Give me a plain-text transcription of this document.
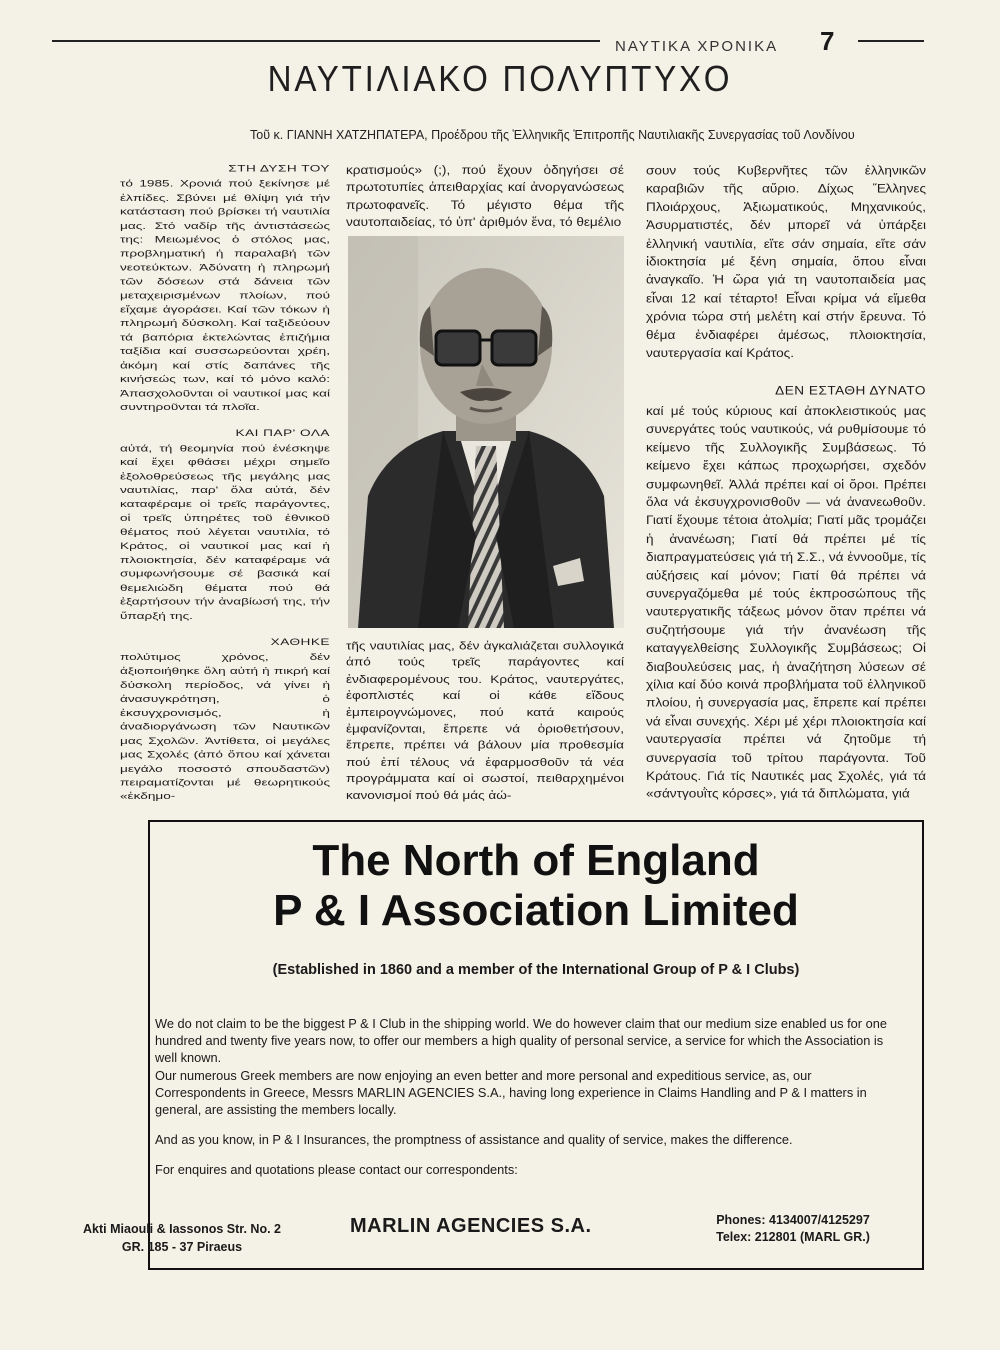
ΝΑΥΤΙΚΑ ΧΡΟΝΙΚΑ 7
ΝΑΥΤΙΛΙΑΚΟ ΠΟΛΥΠΤΥΧΟ
Τοῦ κ. ΓΙΑΝΝΗ ΧΑΤΖΗΠΑΤΕΡΑ, Προέδρου τῆς Ἑλληνικῆς Ἐπιτροπῆς Ναυτιλιακῆς Συνεργασίας τοῦ Λονδίνου
ΣΤΗ ΔΥΣΗ ΤΟΥ

τό 1985. Χρονιά πού ξεκίνησε μέ ἐλπίδες. Σβύνει μέ θλίψη γιά τήν κατάσταση πού βρίσκει τή ναυτιλία μας. Στό ναδίρ τῆς ἀντιστάσεώς της: Μειωμένος ὁ στόλος μας, προβληματική ἡ παραλαβή τῶν νεοτεύκτων. Ἀδύνατη ἡ πληρωμή τῶν δόσεων στά δάνεια τῶν μεταχειρισμένων πλοίων, πού εἴχαμε ἀγοράσει. Καί τῶν τόκων ἡ πληρωμή δύσκολη. Καί ταξιδεύουν τά βαπόρια ἐκτελώντας ἐπιζήμια ταξίδια καί συσσωρεύονται χρέη, ἀκόμη καί στίς δαπάνες τῆς κινήσεώς των, καί τό μόνο καλό: Ἀπασχολοῦνται οἱ ναυτικοί μας καί συντηροῦνται τά πλοῖα.

ΚΑΙ ΠΑΡ' ΟΛΑ

αὐτά, τή θεομηνία πού ἐνέσκηψε καί ἔχει φθάσει μέχρι σημεῖο ἐξολοθρεύσεως τῆς μεγάλης μας ναυτιλίας, παρ' ὅλα αὐτά, δέν καταφέραμε οἱ τρεῖς παράγοντες, οἱ τρεῖς ὑπηρέτες τοῦ ἐθνικοῦ θέματος πού λέγεται ναυτιλία, τό Κράτος, οἱ ναυτικοί μας καί ἡ πλοιοκτησία, δέν καταφέραμε νά συμφωνήσουμε σέ βασικά καί θεμελιώδη θέματα πού θά ἐξαρτήσουν τήν ἀναβίωσή της, τήν ὕπαρξή της.

ΧΑΘΗΚΕ

πολύτιμος χρόνος, δέν ἀξιοποιήθηκε ὅλη αὐτή ἡ πικρή καί δύσκολη περίοδος, νά γίνει ἡ ἀνασυγκρότηση, ὁ ἐκσυγχρονισμός, ἡ ἀναδιοργάνωση τῶν Ναυτικῶν μας Σχολῶν. Ἀντίθετα, οἱ μεγάλες μας Σχολές (ἀπό ὅπου καί χάνεται μεγάλο ποσοστό σπουδαστῶν) πειραματίζονται μέ θεωρητικούς «ἐκδημο-

κρατισμούς» (;), πού ἔχουν ὁδηγήσει σέ πρωτοτυπίες ἀπειθαρχίας καί ἀνοργανώσεως πρωτοφανεῖς. Τό μέγιστο θέμα τῆς ναυτοπαιδείας, τό ὑπ' ἀριθμόν ἕνα, τό θεμέλιο

τῆς ναυτιλίας μας, δέν ἀγκαλιάζεται συλλογικά ἀπό τούς τρεῖς παράγοντες καί ἐνδιαφερομένους του. Κράτος, ναυτεργάτες, ἐφοπλιστές καί οἱ κάθε εἴδους ἐμπειρογνώμονες, πού κατά καιρούς ἐμφανίζονται, ἔπρεπε νά ὁριοθετήσουν, ἔπρεπε, πρέπει νά βάλουν μία προθεσμία πού ἐπί τέλους νά ἐφαρμοσθοῦν τά νέα προγράμματα καί οἱ σωστοί, πειθαρχημένοι κανονισμοί πού θά μάς ἀώ-

σουν τούς Κυβερνῆτες τῶν ἑλληνικῶν καραβιῶν τῆς αὔριο. Δίχως Ἕλληνες Πλοιάρχους, Ἀξιωματικούς, Μηχανικούς, Ἀσυρματιστές, δέν μπορεῖ νά ὑπάρξει ἑλληνική ναυτιλία, εἴτε σάν σημαία, εἴτε σάν ἰδιοκτησία μέ ξένη σημαία, ὅπου εἶναι ἀναγκαῖο. Ἡ ὥρα γιά τη ναυτοπαιδεία μας εἶναι 12 καί τέταρτο! Εἶναι κρίμα νά εἴμεθα χρόνια τώρα στή μελέτη καί στήν ἔρευνα. Τό θέμα ἐνδιαφέρει ἀμέσως, πλοιοκτησία, ναυτεργασία καί Κράτος.

ΔΕΝ ΕΣΤΑΘΗ ΔΥΝΑΤΟ

καί μέ τούς κύριους καί ἀποκλειστικούς μας συνεργάτες τούς ναυτικούς, νά ρυθμίσουμε τό κείμενο τῆς Συλλογικῆς Συμβάσεως. Τό κείμενο ἔχει κάπως προχωρήσει, σχεδόν συμφωνηθεῖ. Ἀλλά πρέπει καί οἱ ὅροι. Πρέπει ὅλα νά ἐκσυγχρονισθοῦν — νά ἀνανεωθοῦν. Γιατί ἔχουμε τέτοια ἀτολμία; Γιατί μᾶς τρομάζει ἡ ἀνανέωση; Γιατί θά πρέπει μέ τίς διαπραγματεύσεις γιά τή Σ.Σ., νά ἐννοοῦμε, τίς αὐξήσεις καί μόνον; Γιατί θά πρέπει νά συνεργαζόμεθα μέ τούς ἐκπροσώπους τῆς ναυτεργατικῆς τάξεως μόνον ὅταν πρέπει νά συζητήσουμε γιά τήν ἀνανέωση τῆς καταγγελθείσης Συλλογικῆς Συμβάσεως; Οἱ διαβουλεύσεις μας, ἡ ἀναζήτηση λύσεων σέ χίλια καί δύο κοινά προβλήματα τοῦ ἑλληνικοῦ πλοίου, ἡ συνεργασία μας, ἔπρεπε καί πρέπει νά εἶναι συνεχής. Χέρι μέ χέρι πλοιοκτησία καί ναυτεργασία πρέπει νά ζητοῦμε τή συνεργασία τοῦ τρίτου παράγοντα. Τοῦ Κράτους. Γιά τίς Ναυτικές μας Σχολές, γιά τά «σάντγουῒτς κόρσες», γιά τά διπλώματα, γιά

The North of England
P & I Association Limited
(Established in 1860 and a member of the International Group of P & I Clubs)

We do not claim to be the biggest P & I Club in the shipping world. We do however claim that our medium size enabled us for one hundred and twenty five years now, to offer our members a high quality of personal service, a service for which the Association is well known.

Our numerous Greek members are now enjoying an even better and more personal and expeditious service, as, our Correspondents in Greece, Messrs MARLIN AGENCIES S.A., having long experience in Claims Handling and P & I matters in general, are assisting the members locally.

And as you know, in P & I Insurances, the promptness of assistance and quality of service, makes the difference.

For enquires and quotations please contact our correspondents:

Akti Miaouli & Iassonos Str. No. 2
GR. 185 - 37 Piraeus
MARLIN AGENCIES S.A.	Phones: 4134007/4125297
Telex: 212801 (MARL GR.)
